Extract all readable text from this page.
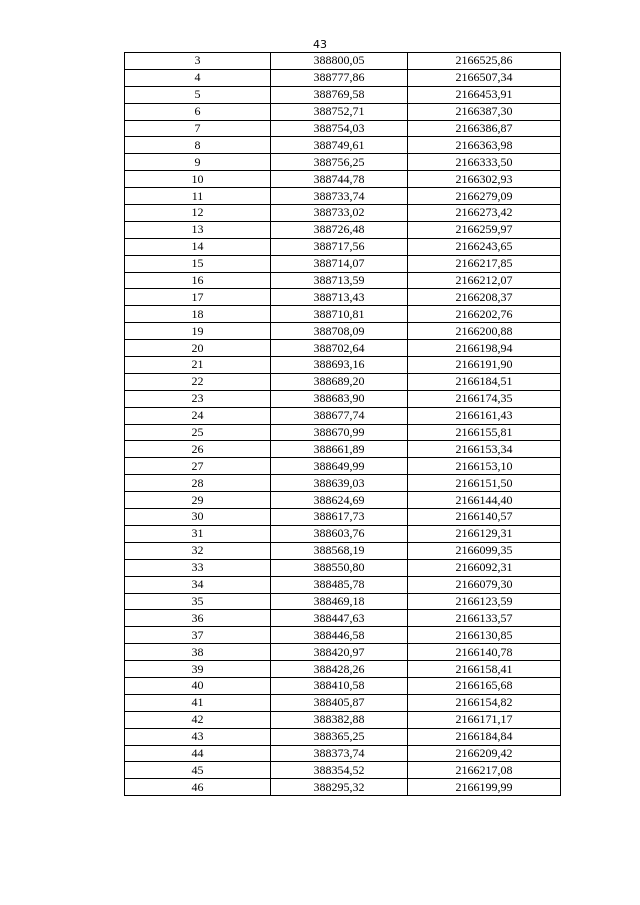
43
3	388800,05	2166525,86
4	388777,86	2166507,34
5	388769,58	2166453,91
6	388752,71	2166387,30
7	388754,03	2166386,87
8	388749,61	2166363,98
9	388756,25	2166333,50
10	388744,78	2166302,93
11	388733,74	2166279,09
12	388733,02	2166273,42
13	388726,48	2166259,97
14	388717,56	2166243,65
15	388714,07	2166217,85
16	388713,59	2166212,07
17	388713,43	2166208,37
18	388710,81	2166202,76
19	388708,09	2166200,88
20	388702,64	2166198,94
21	388693,16	2166191,90
22	388689,20	2166184,51
23	388683,90	2166174,35
24	388677,74	2166161,43
25	388670,99	2166155,81
26	388661,89	2166153,34
27	388649,99	2166153,10
28	388639,03	2166151,50
29	388624,69	2166144,40
30	388617,73	2166140,57
31	388603,76	2166129,31
32	388568,19	2166099,35
33	388550,80	2166092,31
34	388485,78	2166079,30
35	388469,18	2166123,59
36	388447,63	2166133,57
37	388446,58	2166130,85
38	388420,97	2166140,78
39	388428,26	2166158,41
40	388410,58	2166165,68
41	388405,87	2166154,82
42	388382,88	2166171,17
43	388365,25	2166184,84
44	388373,74	2166209,42
45	388354,52	2166217,08
46	388295,32	2166199,99
